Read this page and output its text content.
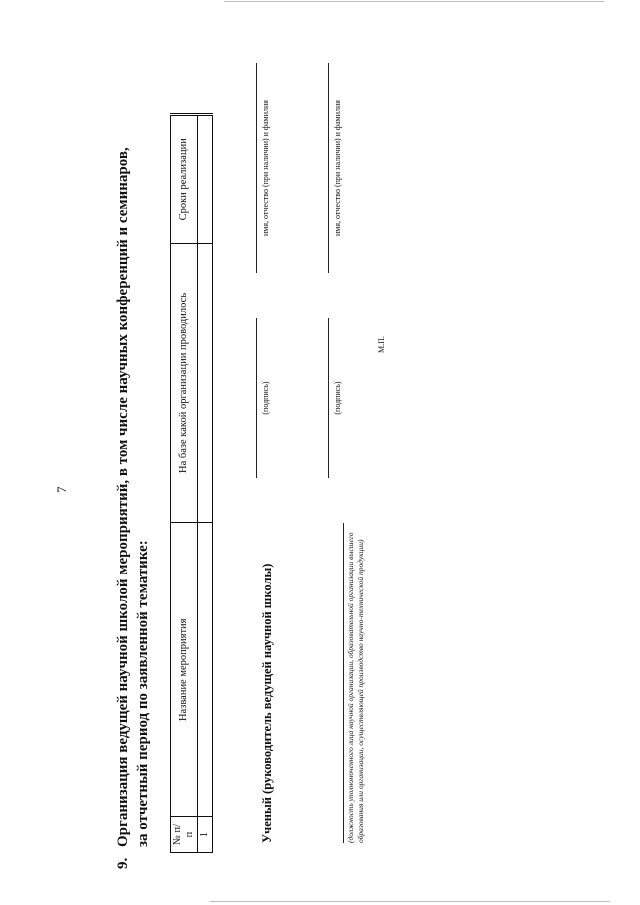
7
9.Организация ведущей научной школой мероприятий, в том числе научных конференций и семинаров, за отчетный период по заявленной тематике: № п/п	Название мероприятия	На базе какой организации проводилось	Сроки реализации
1				Ученый (руководитель ведущей научной школы)
(подпись)
имя, отчество (при наличии) и фамилия
(должность уполномоченного лица научной организации, образовательной организации высшего образования или организации, осуществляющей производство научно-технической продукции)
(подпись)
имя, отчество (при наличии) и фамилия
М.П.
